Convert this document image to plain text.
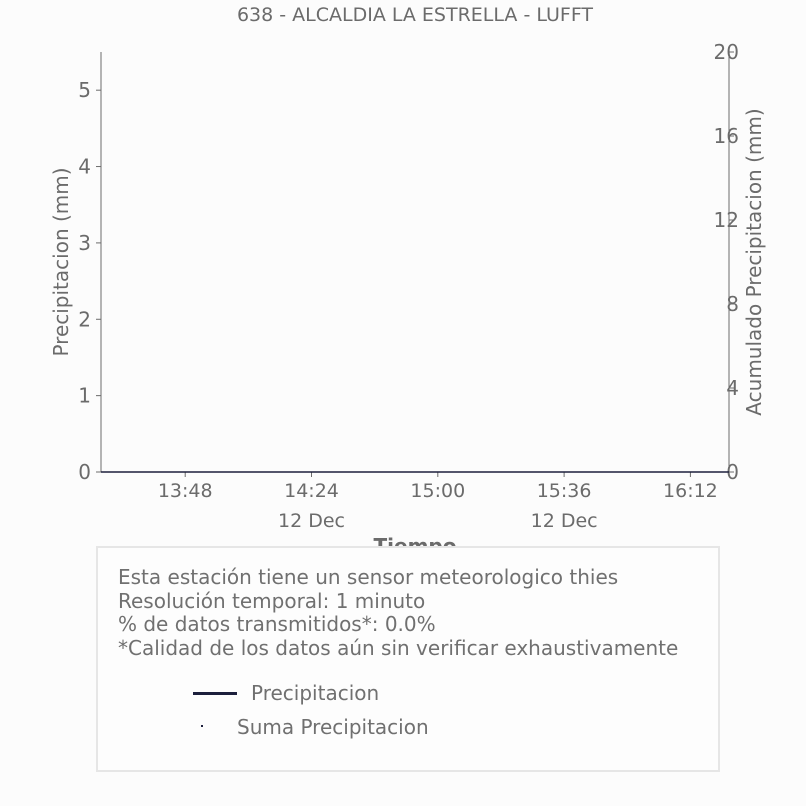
638 - ALCALDIA LA ESTRELLA - LUFFT
0
1
2
3
4
5
0
4
8
12
16
20
13:48	14:24	15:00	15:36	16:12
12 Dec	12 Dec
Precipitacion (mm)	Acumulado Precipitacion (mm)
Esta estación tiene un sensor meteorologico thies
Resolución temporal: 1 minuto
% de datos transmitidos*: 0.0%
*Calidad de los datos aún sin verificar exhaustivamente
Precipitacion
Suma Precipitacion
